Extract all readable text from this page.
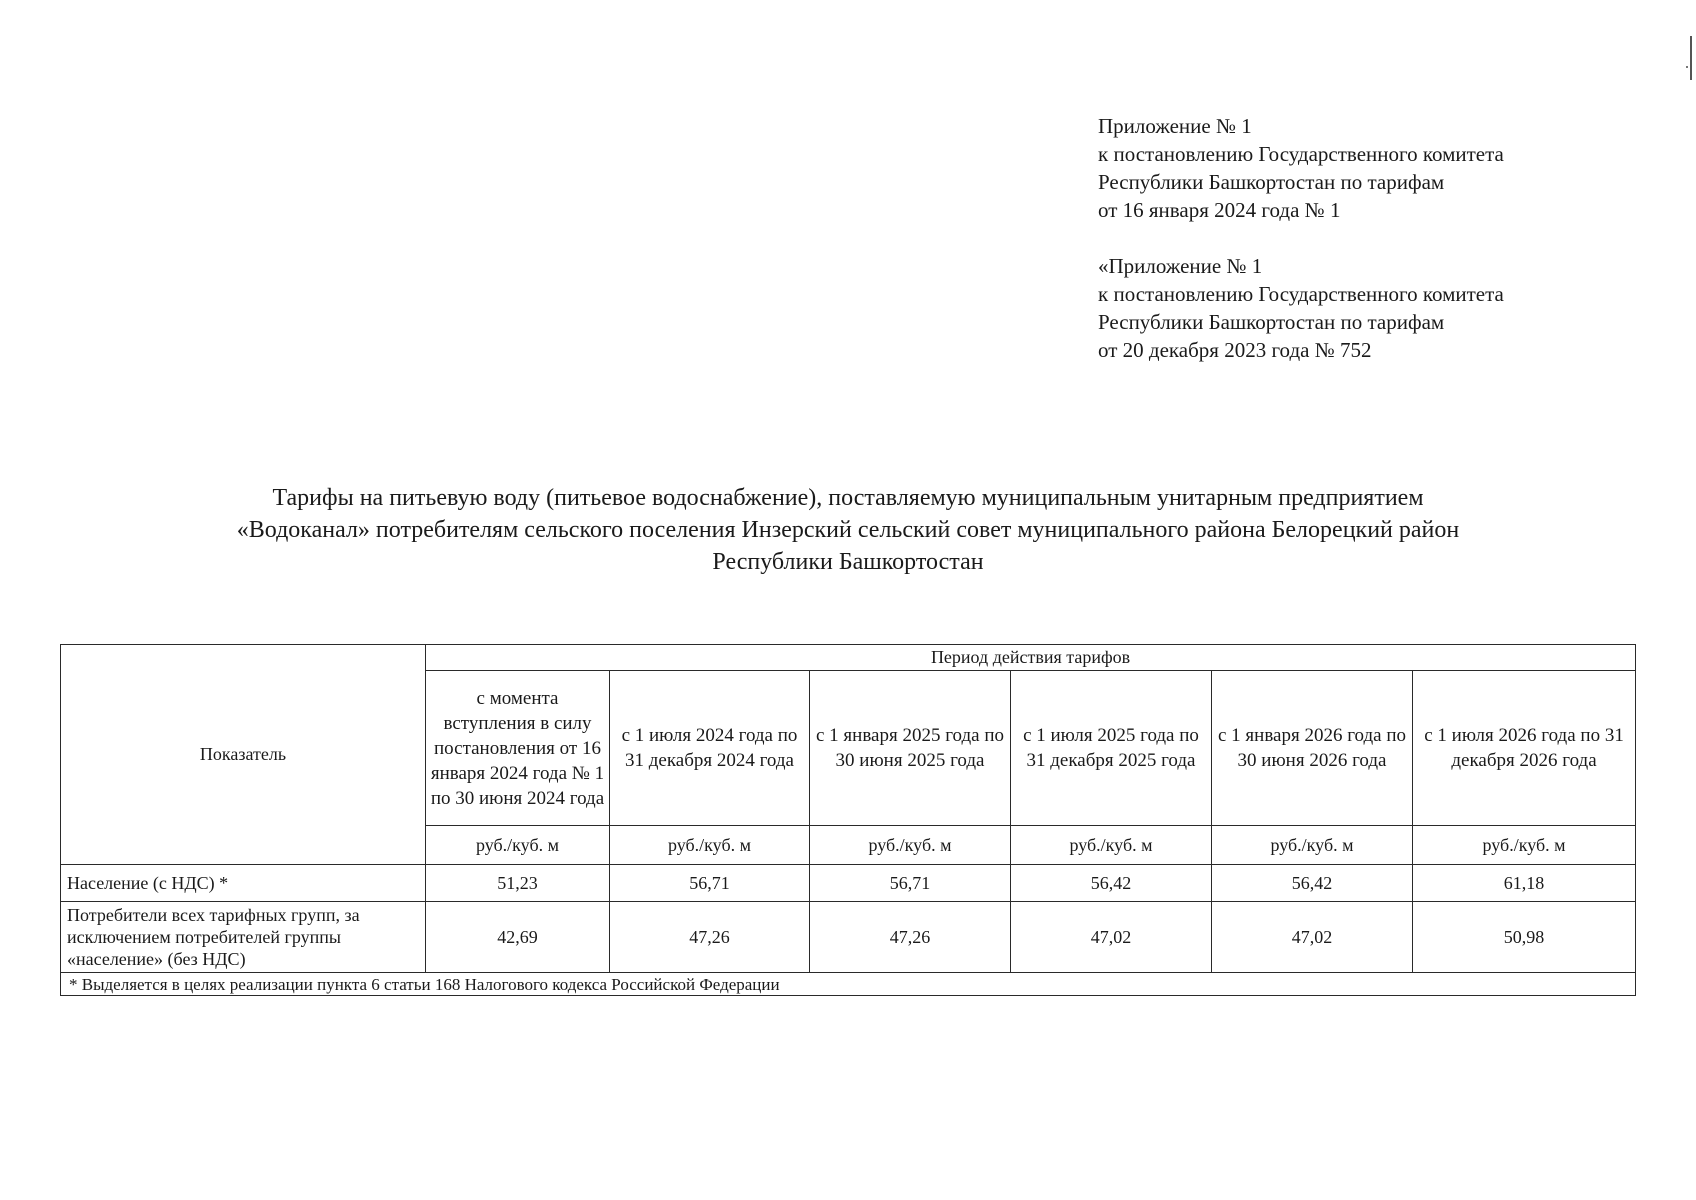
Приложение № 1
к постановлению Государственного комитета
Республики Башкортостан по тарифам
от 16 января 2024 года № 1
«Приложение № 1
к постановлению Государственного комитета
Республики Башкортостан по тарифам
от 20 декабря 2023 года № 752
Тарифы на питьевую воду (питьевое водоснабжение), поставляемую муниципальным унитарным предприятием
«Водоканал» потребителям сельского поселения Инзерский сельский совет муниципального района Белорецкий район
Республики Башкортостан
Показатель	Период действия тарифов					
	с момента вступления в силу постановления от 16 января 2024 года № 1 по 30 июня 2024 года	с 1 июля 2024 года по 31 декабря 2024 года	с 1 января 2025 года по 30 июня 2025 года	с 1 июля 2025 года по 31 декабря 2025 года	с 1 января 2026 года по 30 июня 2026 года	с 1 июля 2026 года по 31 декабря 2026 года
	руб./куб. м	руб./куб. м	руб./куб. м	руб./куб. м	руб./куб. м	руб./куб. м
Население (с НДС) *	51,23	56,71	56,71	56,42	56,42	61,18
Потребители всех тарифных групп, за исключением потребителей группы «население» (без НДС)	42,69	47,26	47,26	47,02	47,02	50,98
* Выделяется в целях реализации пункта 6 статьи 168 Налогового кодекса Российской Федерации						
